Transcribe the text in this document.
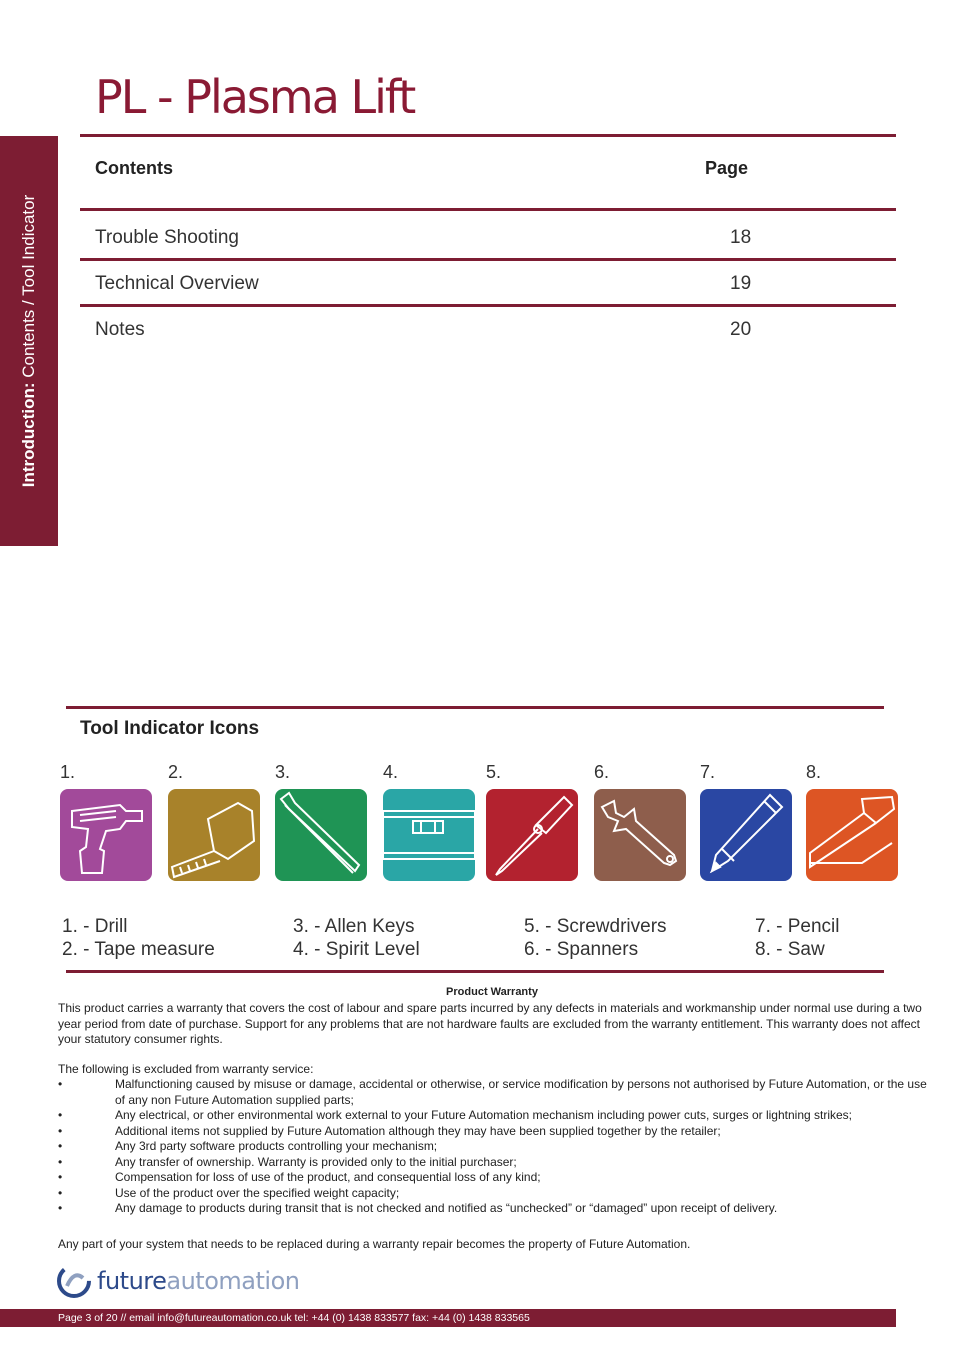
PL - Plasma Lift
Introduction: Contents / Tool Indicator
Contents	Page
Trouble Shooting	18
Technical Overview	19
Notes	20
Tool Indicator Icons
1.	2.	3.	4.	5.	6.	7.	8.
1. - Drill
2. - Tape measure
3. - Allen Keys
4. - Spirit Level
5. - Screwdrivers
6. - Spanners
7. - Pencil
8. - Saw
Product Warranty
This product carries a warranty that covers the cost of labour and spare parts incurred by any defects in materials and workmanship under normal use during a two year period from date of purchase. Support for any problems that are not hardware faults are excluded from the warranty entitlement. This warranty does not affect your statutory consumer rights.
The following is excluded from warranty service:
•	Malfunctioning caused by misuse or damage, accidental or otherwise, or service modification by persons not authorised by Future Automation, or the use of any non Future Automation supplied parts;
•	Any electrical, or other environmental work external to your Future Automation mechanism including power cuts, surges or lightning strikes;
•	Additional items not supplied by Future Automation although they may have been supplied together by the retailer;
•	Any 3rd party software products controlling your mechanism;
•	Any transfer of ownership. Warranty is provided only to the initial purchaser;
•	Compensation for loss of use of the product, and consequential loss of any kind;
•	Use of the product over the specified weight capacity;
•	Any damage to products during transit that is not checked and notified as “unchecked” or “damaged” upon receipt of delivery.
Any part of your system that needs to be replaced during a warranty repair becomes the property of Future Automation.
future automation
Page 3 of 20 // email info@futureautomation.co.uk tel: +44 (0) 1438 833577 fax: +44 (0) 1438 833565
